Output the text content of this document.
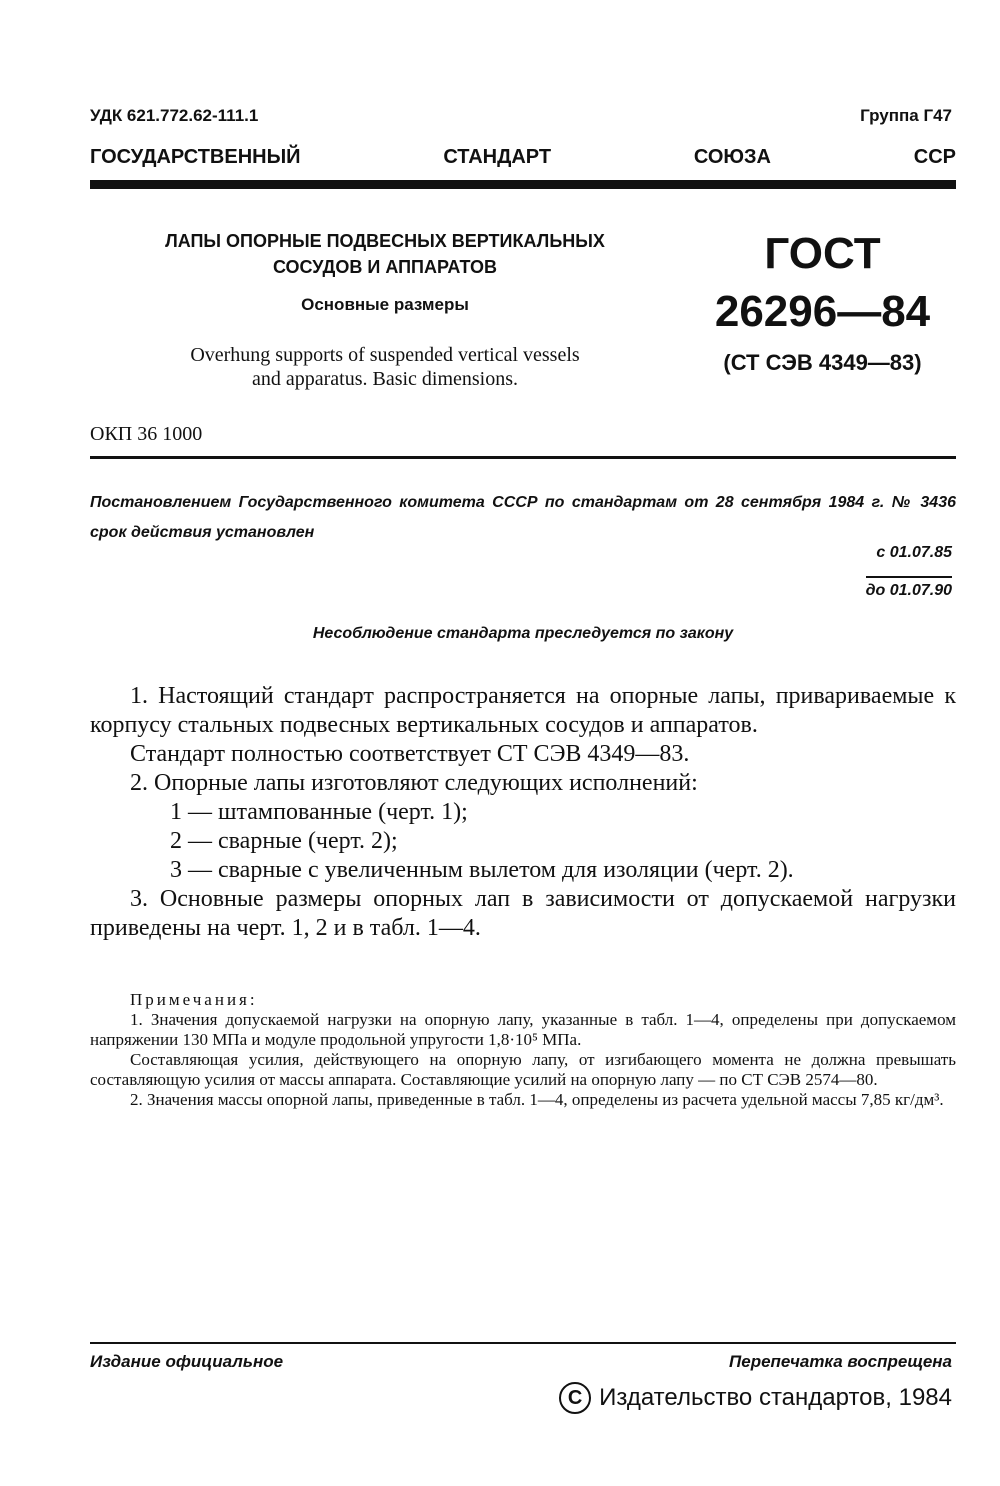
УДК 621.772.62-111.1	Группа Г47
ГОСУДАРСТВЕННЫЙ	СТАНДАРТ	СОЮЗА	ССР
ЛАПЫ ОПОРНЫЕ ПОДВЕСНЫХ ВЕРТИКАЛЬНЫХ
СОСУДОВ И АППАРАТОВ
Основные размеры
Overhung supports of suspended vertical vessels
and apparatus. Basic dimensions.
ГОСТ
26296—84
(СТ СЭВ 4349—83)
ОКП 36 1000
Постановлением Государственного комитета СССР по стандартам от 28 сентября 1984 г. № 3436 срок действия установлен
с 01.07.85
до 01.07.90
Несоблюдение стандарта преследуется по закону

1. Настоящий стандарт распространяется на опорные лапы, привариваемые к корпусу стальных подвесных вертикальных сосудов и аппаратов.

Стандарт полностью соответствует СТ СЭВ 4349—83.

2. Опорные лапы изготовляют следующих исполнений:

1 — штампованные (черт. 1);

2 — сварные (черт. 2);

3 — сварные с увеличенным вылетом для изоляции (черт. 2).

3. Основные размеры опорных лап в зависимости от допускаемой нагрузки приведены на черт. 1, 2 и в табл. 1—4.

Примечания:

1. Значения допускаемой нагрузки на опорную лапу, указанные в табл. 1—4, определены при допускаемом напряжении 130 МПа и модуле продольной упругости 1,8·10⁵ МПа.

Составляющая усилия, действующего на опорную лапу, от изгибающего момента не должна превышать составляющую усилия от массы аппарата. Составляющие усилий на опорную лапу — по СТ СЭВ 2574—80.

2. Значения массы опорной лапы, приведенные в табл. 1—4, определены из расчета удельной массы 7,85 кг/дм³.

Издание официальное	Перепечатка воспрещена
С Издательство стандартов, 1984
